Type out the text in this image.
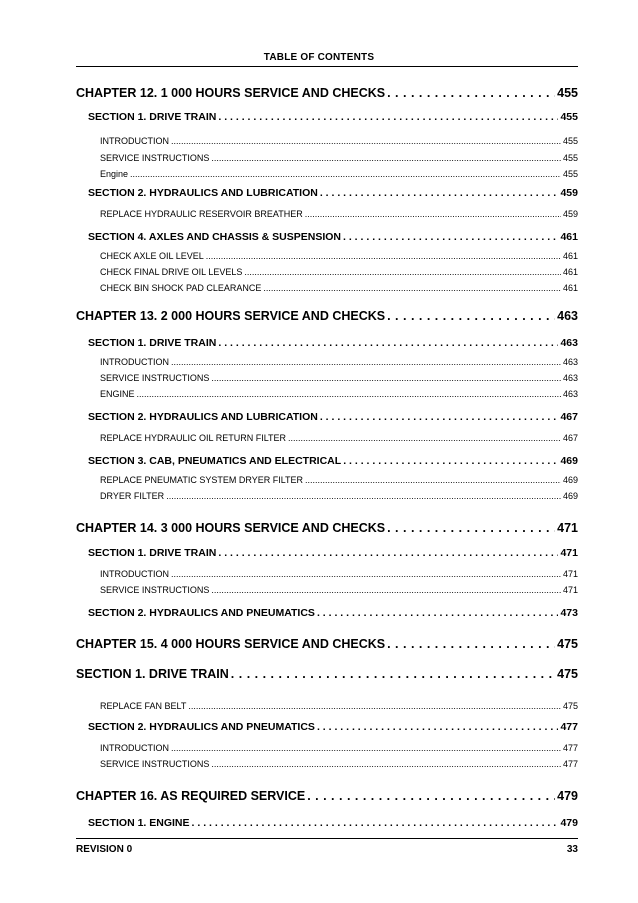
TABLE OF CONTENTS
CHAPTER 12. 1 000 HOURS SERVICE AND CHECKS . . .	455
SECTION 1. DRIVE TRAIN . . .	455
INTRODUCTION .....	455
SERVICE INSTRUCTIONS .....	455
Engine .....	455
SECTION 2. HYDRAULICS AND LUBRICATION . . .	459
REPLACE HYDRAULIC RESERVOIR BREATHER .....	459
SECTION 4. AXLES AND CHASSIS & SUSPENSION . . .	461
CHECK AXLE OIL LEVEL .....	461
CHECK FINAL DRIVE OIL LEVELS .....	461
CHECK BIN SHOCK PAD CLEARANCE .....	461
CHAPTER 13. 2 000 HOURS SERVICE AND CHECKS . . .	463
SECTION 1. DRIVE TRAIN . . .	463
INTRODUCTION .....	463
SERVICE INSTRUCTIONS .....	463
ENGINE .....	463
SECTION 2. HYDRAULICS AND LUBRICATION . . .	467
REPLACE HYDRAULIC OIL RETURN FILTER .....	467
SECTION 3. CAB, PNEUMATICS AND ELECTRICAL . . .	469
REPLACE PNEUMATIC SYSTEM DRYER FILTER .....	469
DRYER FILTER .....	469
CHAPTER 14. 3 000 HOURS SERVICE AND CHECKS . . .	471
SECTION 1. DRIVE TRAIN . . .	471
INTRODUCTION .....	471
SERVICE INSTRUCTIONS .....	471
SECTION 2. HYDRAULICS AND PNEUMATICS . . .	473
CHAPTER 15. 4 000 HOURS SERVICE AND CHECKS . . .	475
SECTION 1. DRIVE TRAIN . . .	475
REPLACE FAN BELT .....	475
SECTION 2. HYDRAULICS AND PNEUMATICS . . .	477
INTRODUCTION .....	477
SERVICE INSTRUCTIONS .....	477
CHAPTER 16. AS REQUIRED SERVICE . . .	479
SECTION 1. ENGINE . . .	479
REVISION 0	33
